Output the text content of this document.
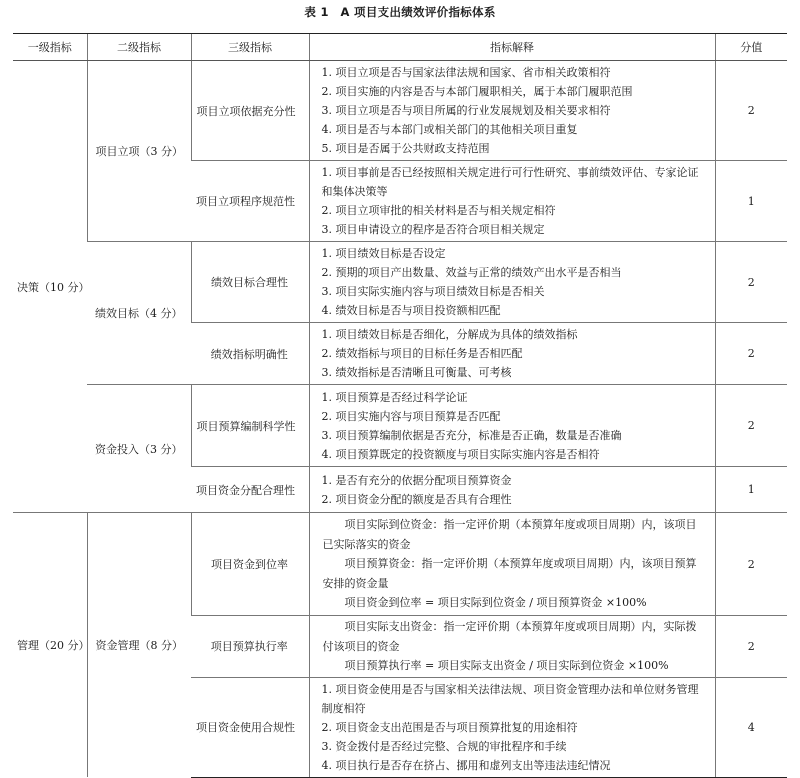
表 1　A 项目支出绩效评价指标体系
一级指标	二级指标	三级指标	指标解释	分值
决策（10 分）	项目立项（3 分）	项目立项依据充分性	1. 项目立项是否与国家法律法规和国家、省市相关政策相符
2. 项目实施的内容是否与本部门履职相关，属于本部门履职范围
3. 项目立项是否与项目所属的行业发展规划及相关要求相符
4. 项目是否与本部门或相关部门的其他相关项目重复
5. 项目是否属于公共财政支持范围	2
		项目立项程序规范性	1. 项目事前是否已经按照相关规定进行可行性研究、事前绩效评估、专家论证和集体决策等
2. 项目立项审批的相关材料是否与相关规定相符
3. 项目申请设立的程序是否符合项目相关规定	1
	绩效目标（4 分）	绩效目标合理性	1. 项目绩效目标是否设定
2. 预期的项目产出数量、效益与正常的绩效产出水平是否相当
3. 项目实际实施内容与项目绩效目标是否相关
4. 绩效目标是否与项目投资额相匹配	2
		绩效指标明确性	1. 项目绩效目标是否细化，分解成为具体的绩效指标
2. 绩效指标与项目的目标任务是否相匹配
3. 绩效指标是否清晰且可衡量、可考核	2
	资金投入（3 分）	项目预算编制科学性	1. 项目预算是否经过科学论证
2. 项目实施内容与项目预算是否匹配
3. 项目预算编制依据是否充分，标准是否正确，数量是否准确
4. 项目预算既定的投资额度与项目实际实施内容是否相符	2
		项目资金分配合理性	1. 是否有充分的依据分配项目预算资金
2. 项目资金分配的额度是否具有合理性	1
管理（20 分）	资金管理（8 分）	项目资金到位率	项目实际到位资金：指一定评价期（本预算年度或项目周期）内，该项目已实际落实的资金
项目预算资金：指一定评价期（本预算年度或项目周期）内，该项目预算安排的资金量
项目资金到位率 = 项目实际到位资金 / 项目预算资金 ×100%	2
		项目预算执行率	项目实际支出资金：指一定评价期（本预算年度或项目周期）内，实际拨付该项目的资金
项目预算执行率 = 项目实际支出资金 / 项目实际到位资金 ×100%	2
		项目资金使用合规性	1. 项目资金使用是否与国家相关法律法规、项目资金管理办法和单位财务管理制度相符
2. 项目资金支出范围是否与项目预算批复的用途相符
3. 资金拨付是否经过完整、合规的审批程序和手续
4. 项目执行是否存在挤占、挪用和虚列支出等违法违纪情况	4
